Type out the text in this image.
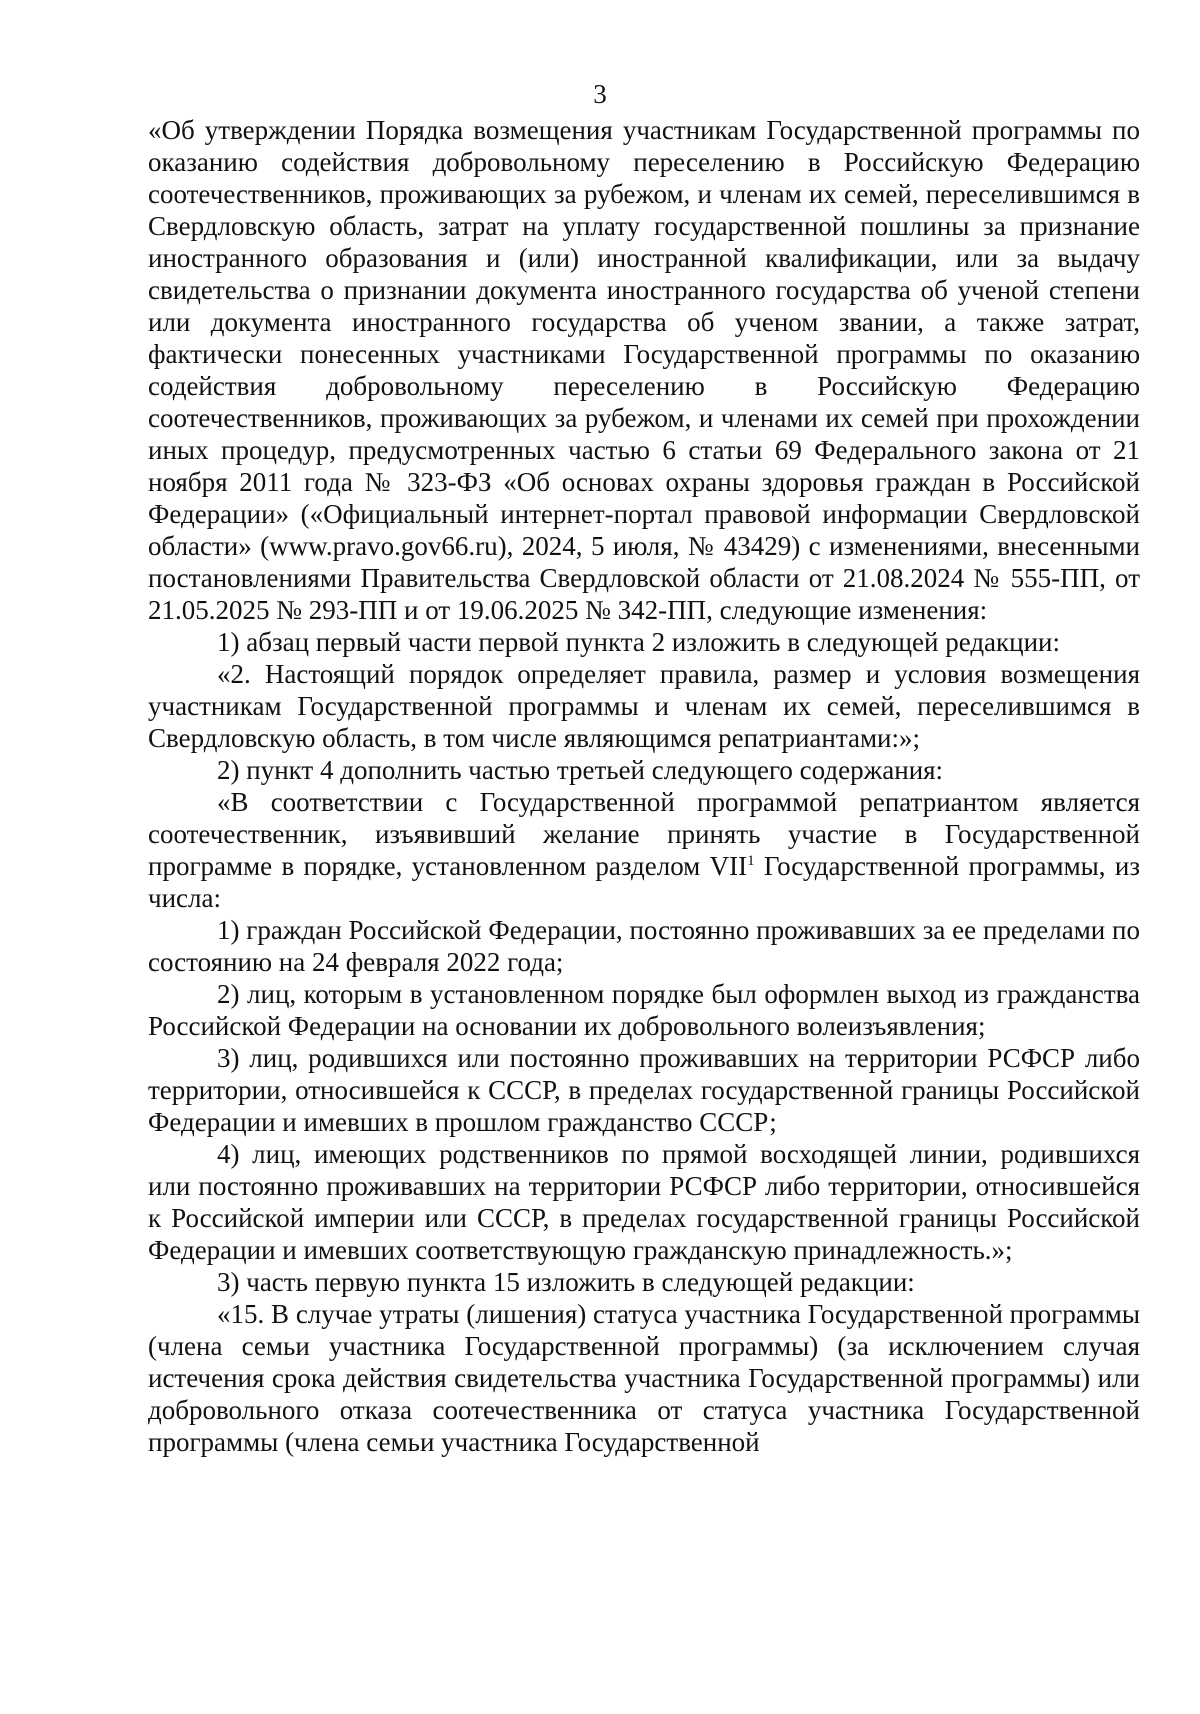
3

«Об утверждении Порядка возмещения участникам Государственной программы по оказанию содействия добровольному переселению в Российскую Федерацию соотечественников, проживающих за рубежом, и членам их семей, переселившимся в Свердловскую область, затрат на уплату государственной пошлины за признание иностранного образования и (или) иностранной квалификации, или за выдачу свидетельства о признании документа иностранного государства об ученой степени или документа иностранного государства об ученом звании, а также затрат, фактически понесенных участниками Государственной программы по оказанию содействия добровольному переселению в Российскую Федерацию соотечественников, проживающих за рубежом, и членами их семей при прохождении иных процедур, предусмотренных частью 6 статьи 69 Федерального закона от 21 ноября 2011 года № 323-ФЗ «Об основах охраны здоровья граждан в Российской Федерации» («Официальный интернет-портал правовой информации Свердловской области» (www.pravo.gov66.ru), 2024, 5 июля, № 43429) с изменениями, внесенными постановлениями Правительства Свердловской области от 21.08.2024 № 555-ПП, от 21.05.2025 № 293-ПП и от 19.06.2025 № 342-ПП, следующие изменения:

1) абзац первый части первой пункта 2 изложить в следующей редакции:

«2. Настоящий порядок определяет правила, размер и условия возмещения участникам Государственной программы и членам их семей, переселившимся в Свердловскую область, в том числе являющимся репатриантами:»;

2) пункт 4 дополнить частью третьей следующего содержания:

«В соответствии с Государственной программой репатриантом является соотечественник, изъявивший желание принять участие в Государственной программе в порядке, установленном разделом VII$^1$ Государственной программы, из числа:

1) граждан Российской Федерации, постоянно проживавших за ее пределами по состоянию на 24 февраля 2022 года;

2) лиц, которым в установленном порядке был оформлен выход из гражданства Российской Федерации на основании их добровольного волеизъявления;

3) лиц, родившихся или постоянно проживавших на территории РСФСР либо территории, относившейся к СССР, в пределах государственной границы Российской Федерации и имевших в прошлом гражданство СССР;

4) лиц, имеющих родственников по прямой восходящей линии, родившихся или постоянно проживавших на территории РСФСР либо территории, относившейся к Российской империи или СССР, в пределах государственной границы Российской Федерации и имевших соответствующую гражданскую принадлежность.»;

3) часть первую пункта 15 изложить в следующей редакции:

«15. В случае утраты (лишения) статуса участника Государственной программы (члена семьи участника Государственной программы) (за исключением случая истечения срока действия свидетельства участника Государственной программы) или добровольного отказа соотечественника от статуса участника Государственной программы (члена семьи участника Государственной
